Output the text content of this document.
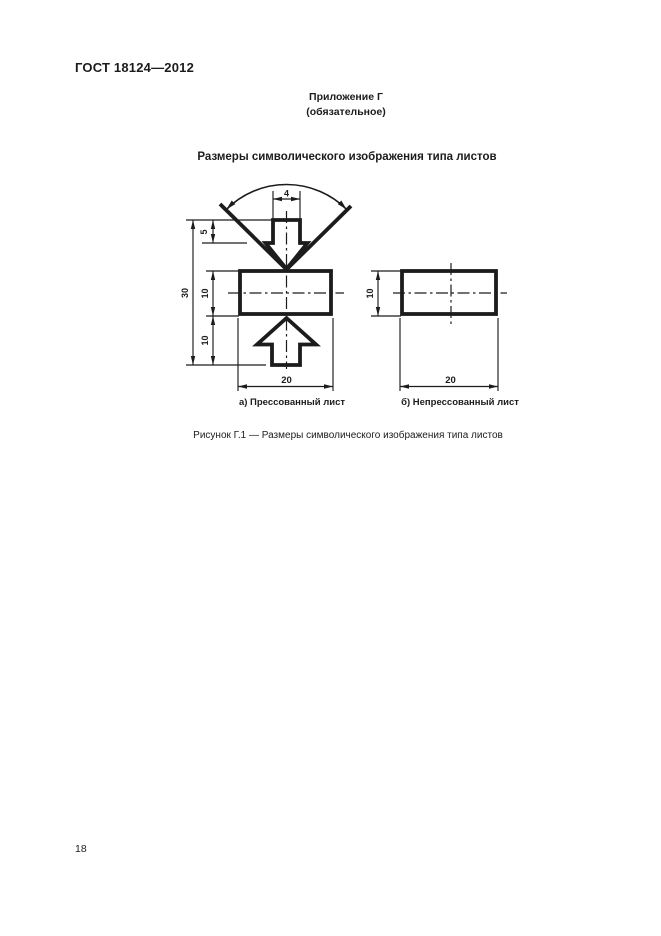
ГОСТ 18124—2012
Приложение Г
(обязательное)
Размеры символического изображения типа листов
4
5
30 10
10
20
10
20
а) Прессованный лист	б) Непрессованный лист
Рисунок Г.1 — Размеры символического изображения типа листов
18
